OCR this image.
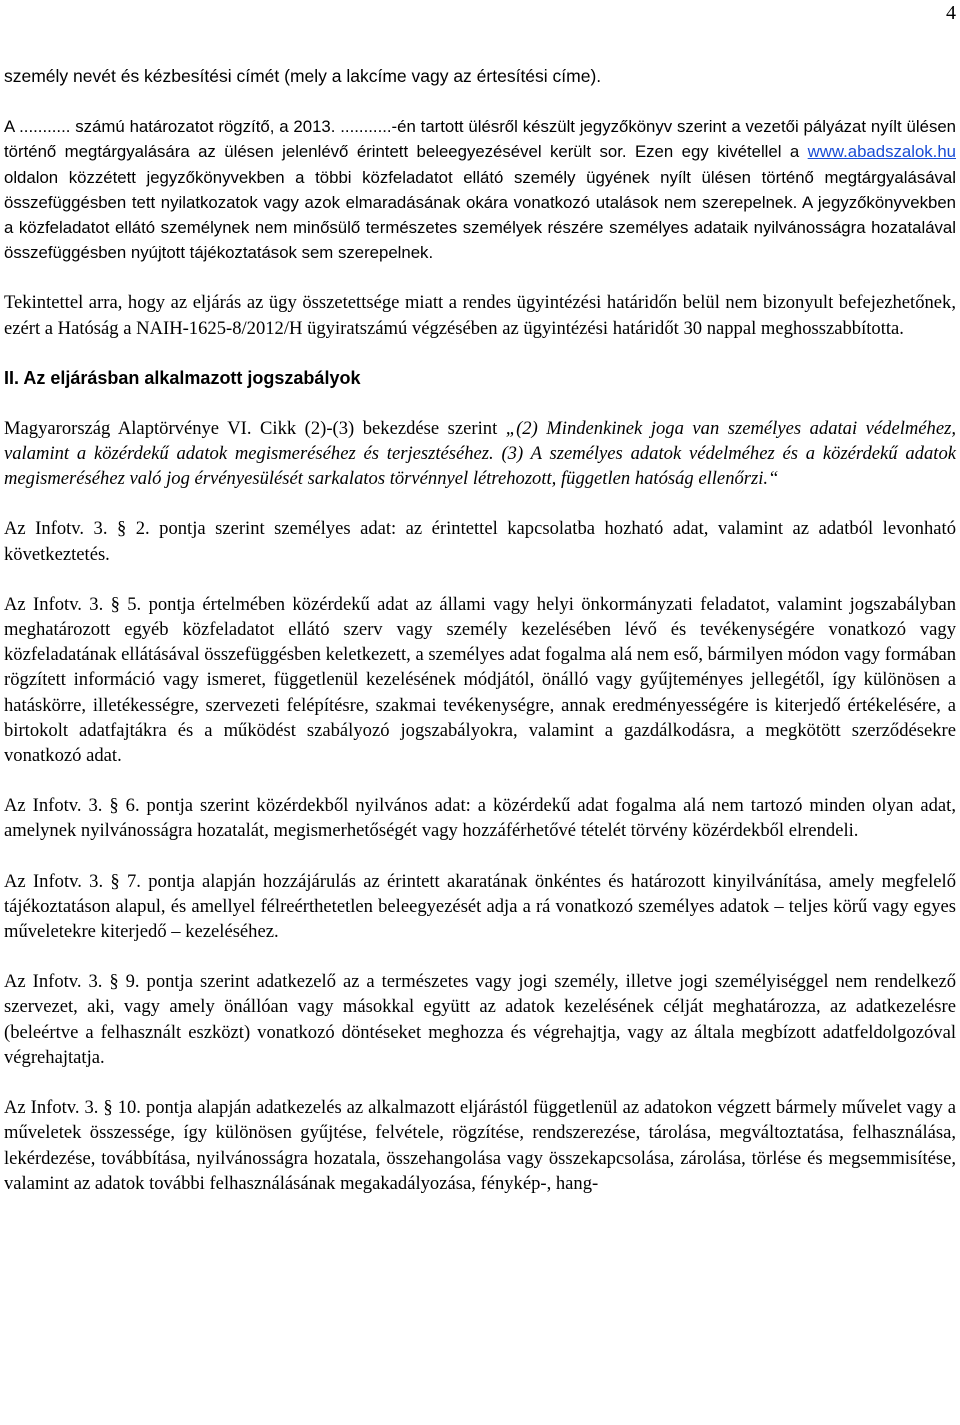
4

személy nevét és kézbesítési címét (mely a lakcíme vagy az értesítési címe).

A ........... számú határozatot rögzítő, a 2013. ...........-én tartott ülésről készült jegyzőkönyv szerint a vezetői pályázat nyílt ülésen történő megtárgyalására az ülésen jelenlévő érintett beleegyezésével került sor. Ezen egy kivétellel a www.abadszalok.hu oldalon közzétett jegyzőkönyvekben a többi közfeladatot ellátó személy ügyének nyílt ülésen történő megtárgyalásával összefüggésben tett nyilatkozatok vagy azok elmaradásának okára vonatkozó utalások nem szerepelnek. A jegyzőkönyvekben a közfeladatot ellátó személynek nem minősülő természetes személyek részére személyes adataik nyilvánosságra hozatalával összefüggésben nyújtott tájékoztatások sem szerepelnek.

Tekintettel arra, hogy az eljárás az ügy összetettsége miatt a rendes ügyintézési határidőn belül nem bizonyult befejezhetőnek, ezért a Hatóság a NAIH-1625-8/2012/H ügyiratszámú végzésében az ügyintézési határidőt 30 nappal meghosszabbította.

II. Az eljárásban alkalmazott jogszabályok

Magyarország Alaptörvénye VI. Cikk (2)-(3) bekezdése szerint „(2) Mindenkinek joga van személyes adatai védelméhez, valamint a közérdekű adatok megismeréséhez és terjesztéséhez. (3) A személyes adatok védelméhez és a közérdekű adatok megismeréséhez való jog érvényesülését sarkalatos törvénnyel létrehozott, független hatóság ellenőrzi.“

Az Infotv. 3. § 2. pontja szerint személyes adat: az érintettel kapcsolatba hozható adat, valamint az adatból levonható következtetés.

Az Infotv. 3. § 5. pontja értelmében közérdekű adat az állami vagy helyi önkormányzati feladatot, valamint jogszabályban meghatározott egyéb közfeladatot ellátó szerv vagy személy kezelésében lévő és tevékenységére vonatkozó vagy közfeladatának ellátásával összefüggésben keletkezett, a személyes adat fogalma alá nem eső, bármilyen módon vagy formában rögzített információ vagy ismeret, függetlenül kezelésének módjától, önálló vagy gyűjteményes jellegétől, így különösen a hatáskörre, illetékességre, szervezeti felépítésre, szakmai tevékenységre, annak eredményességére is kiterjedő értékelésére, a birtokolt adatfajtákra és a működést szabályozó jogszabályokra, valamint a gazdálkodásra, a megkötött szerződésekre vonatkozó adat.

Az Infotv. 3. § 6. pontja szerint közérdekből nyilvános adat: a közérdekű adat fogalma alá nem tartozó minden olyan adat, amelynek nyilvánosságra hozatalát, megismerhetőségét vagy hozzáférhetővé tételét törvény közérdekből elrendeli.

Az Infotv. 3. § 7. pontja alapján hozzájárulás az érintett akaratának önkéntes és határozott kinyilvánítása, amely megfelelő tájékoztatáson alapul, és amellyel félreérthetetlen beleegyezését adja a rá vonatkozó személyes adatok – teljes körű vagy egyes műveletekre kiterjedő – kezeléséhez.

Az Infotv. 3. § 9. pontja szerint adatkezelő az a természetes vagy jogi személy, illetve jogi személyiséggel nem rendelkező szervezet, aki, vagy amely önállóan vagy másokkal együtt az adatok kezelésének célját meghatározza, az adatkezelésre (beleértve a felhasznált eszközt) vonatkozó döntéseket meghozza és végrehajtja, vagy az általa megbízott adatfeldolgozóval végrehajtatja.

Az Infotv. 3. § 10. pontja alapján adatkezelés az alkalmazott eljárástól függetlenül az adatokon végzett bármely művelet vagy a műveletek összessége, így különösen gyűjtése, felvétele, rögzítése, rendszerezése, tárolása, megváltoztatása, felhasználása, lekérdezése, továbbítása, nyilvánosságra hozatala, összehangolása vagy összekapcsolása, zárolása, törlése és megsemmisítése, valamint az adatok további felhasználásának megakadályozása, fénykép-, hang-
